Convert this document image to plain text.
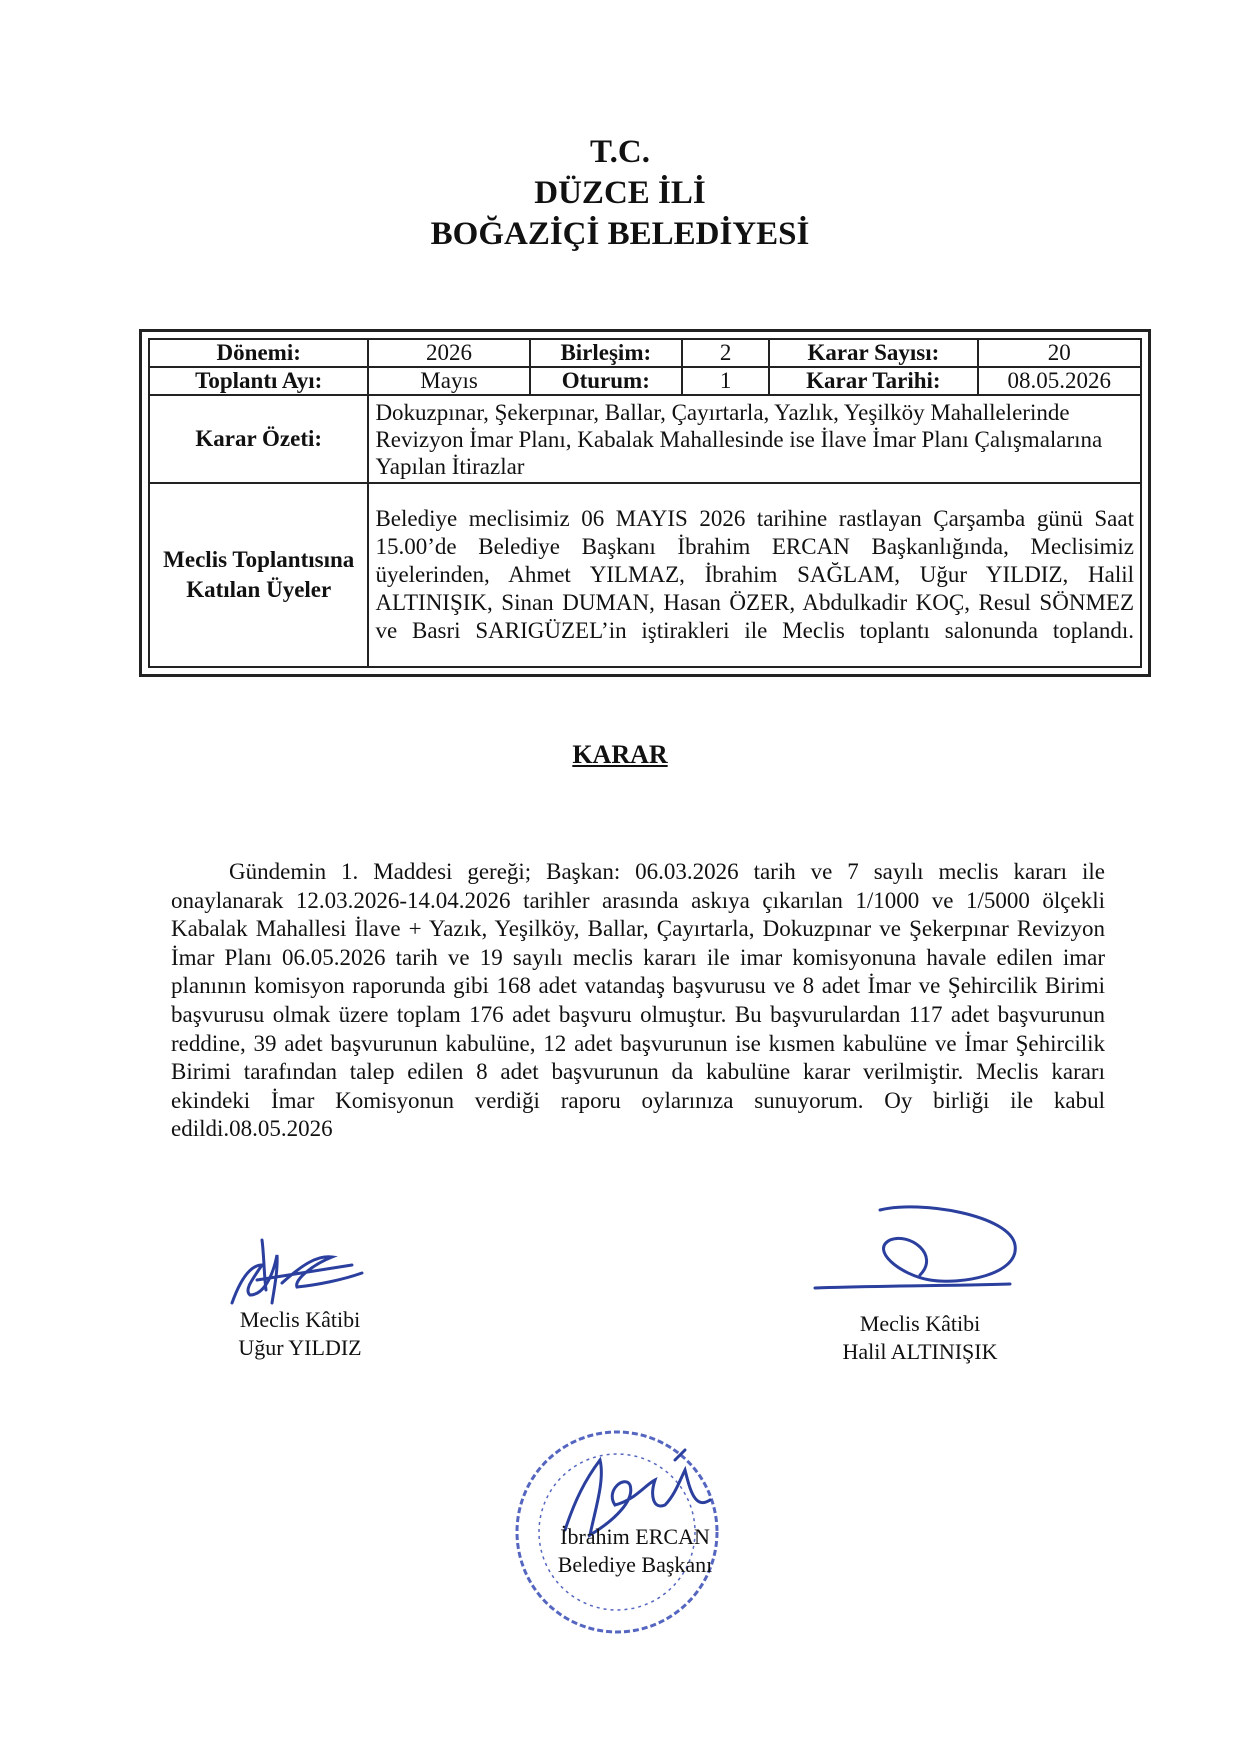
T.C.
DÜZCE İLİ
BOĞAZİÇİ BELEDİYESİ
Dönemi:	2026	Birleşim:	2	Karar Sayısı:	20
Toplantı Ayı:	Mayıs	Oturum:	1	Karar Tarihi:	08.05.2026
Karar Özeti:	Dokuzpınar, Şekerpınar, Ballar, Çayırtarla, Yazlık, Yeşilköy Mahallelerinde Revizyon İmar Planı, Kabalak Mahallesinde ise İlave İmar Planı Çalışmalarına Yapılan İtirazlar				
Meclis Toplantısına Katılan Üyeler	Belediye meclisimiz 06 MAYIS 2026 tarihine rastlayan Çarşamba günü Saat 15.00’de Belediye Başkanı İbrahim ERCAN Başkanlığında, Meclisimiz üyelerinden, Ahmet YILMAZ, İbrahim SAĞLAM, Uğur YILDIZ, Halil ALTINIŞIK, Sinan DUMAN, Hasan ÖZER, Abdulkadir KOÇ, Resul SÖNMEZ ve Basri SARIGÜZEL’in iştirakleri ile Meclis toplantı salonunda toplandı.				
KARAR
Gündemin 1. Maddesi gereği; Başkan: 06.03.2026 tarih ve 7 sayılı meclis kararı ile onaylanarak 12.03.2026-14.04.2026 tarihler arasında askıya çıkarılan 1/1000 ve 1/5000 ölçekli Kabalak Mahallesi İlave + Yazık, Yeşilköy, Ballar, Çayırtarla, Dokuzpınar ve Şekerpınar Revizyon İmar Planı 06.05.2026 tarih ve 19 sayılı meclis kararı ile imar komisyonuna havale edilen imar planının komisyon raporunda gibi 168 adet vatandaş başvurusu ve 8 adet İmar ve Şehircilik Birimi başvurusu olmak üzere toplam 176 adet başvuru olmuştur. Bu başvurulardan 117 adet başvurunun reddine, 39 adet başvurunun kabulüne, 12 adet başvurunun ise kısmen kabulüne ve İmar Şehircilik Birimi tarafından talep edilen 8 adet başvurunun da kabulüne karar verilmiştir. Meclis kararı ekindeki İmar Komisyonun verdiği raporu oylarınıza sunuyorum. Oy birliği ile kabul edildi.08.05.2026
Meclis Kâtibi
Uğur YILDIZ
Meclis Kâtibi
Halil ALTINIŞIK
İbrahim ERCAN
Belediye Başkanı
